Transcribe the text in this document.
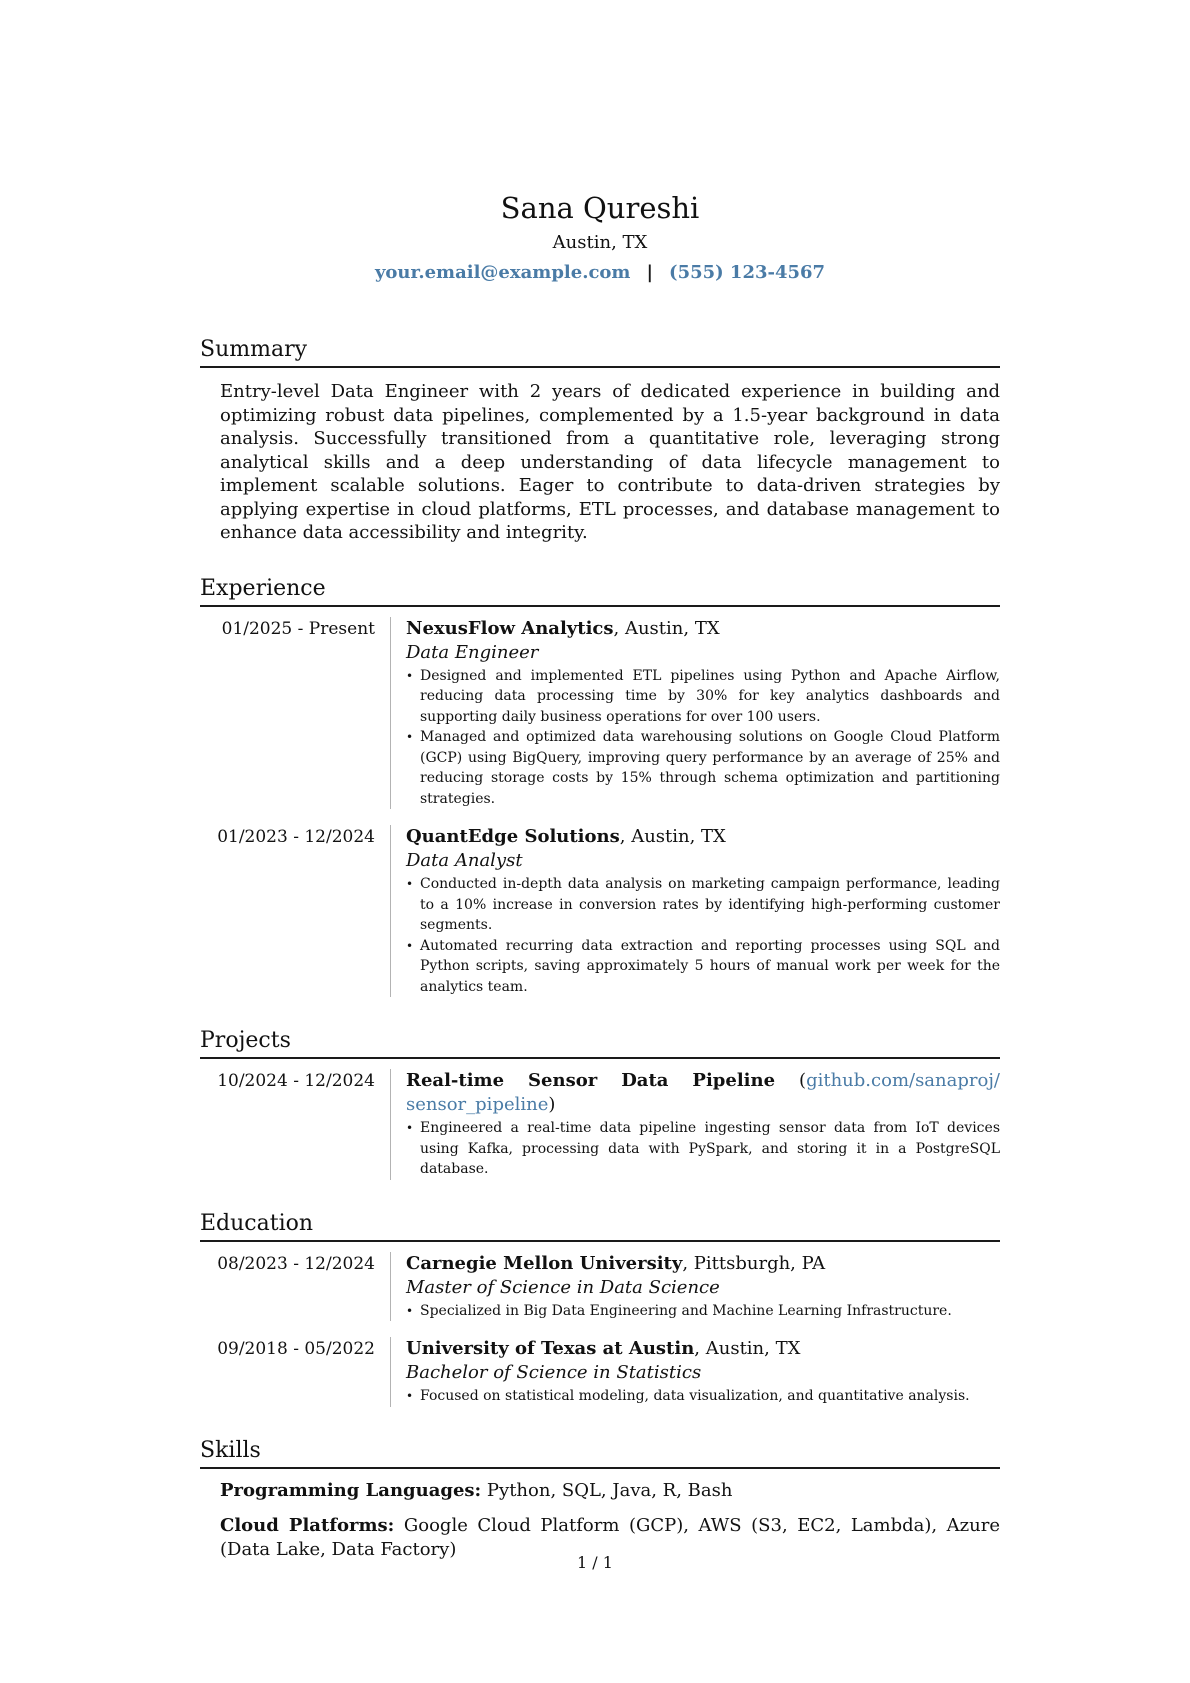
Sana Qureshi
Austin, TX
your.email@example.com | (555) 123-4567
Summary
Entry-level Data Engineer with 2 years of dedicated experience in building and optimizing robust data pipelines, complemented by a 1.5-year background in data analysis. Successfully transitioned from a quantitative role, leveraging strong analytical skills and a deep understanding of data lifecycle management to implement scalable solutions. Eager to contribute to data-driven strategies by applying expertise in cloud platforms, ETL processes, and database management to enhance data accessibility and integrity.
Experience
01/2025 - Present	NexusFlow Analytics, Austin, TX
Data Engineer
• Designed and implemented ETL pipelines using Python and Apache Airflow, reducing data processing time by 30% for key analytics dashboards and supporting daily business operations for over 100 users.
• Managed and optimized data warehousing solutions on Google Cloud Platform (GCP) using BigQuery, improving query performance by an average of 25% and reducing storage costs by 15% through schema optimization and partitioning strategies.
01/2023 - 12/2024	QuantEdge Solutions, Austin, TX
Data Analyst
• Conducted in-depth data analysis on marketing campaign performance, leading to a 10% increase in conversion rates by identifying high-performing customer segments.
• Automated recurring data extraction and reporting processes using SQL and Python scripts, saving approximately 5 hours of manual work per week for the analytics team.
Projects
10/2024 - 12/2024	Real-time Sensor Data Pipeline (github.com/sanaproj/
sensor_pipeline)
• Engineered a real-time data pipeline ingesting sensor data from IoT devices using Kafka, processing data with PySpark, and storing it in a PostgreSQL database.
Education
08/2023 - 12/2024	Carnegie Mellon University, Pittsburgh, PA
Master of Science in Data Science
• Specialized in Big Data Engineering and Machine Learning Infrastructure.
09/2018 - 05/2022	University of Texas at Austin, Austin, TX
Bachelor of Science in Statistics
• Focused on statistical modeling, data visualization, and quantitative analysis.
Skills
Programming Languages: Python, SQL, Java, R, Bash
Cloud Platforms: Google Cloud Platform (GCP), AWS (S3, EC2, Lambda), Azure (Data Lake, Data Factory)
1 / 1
